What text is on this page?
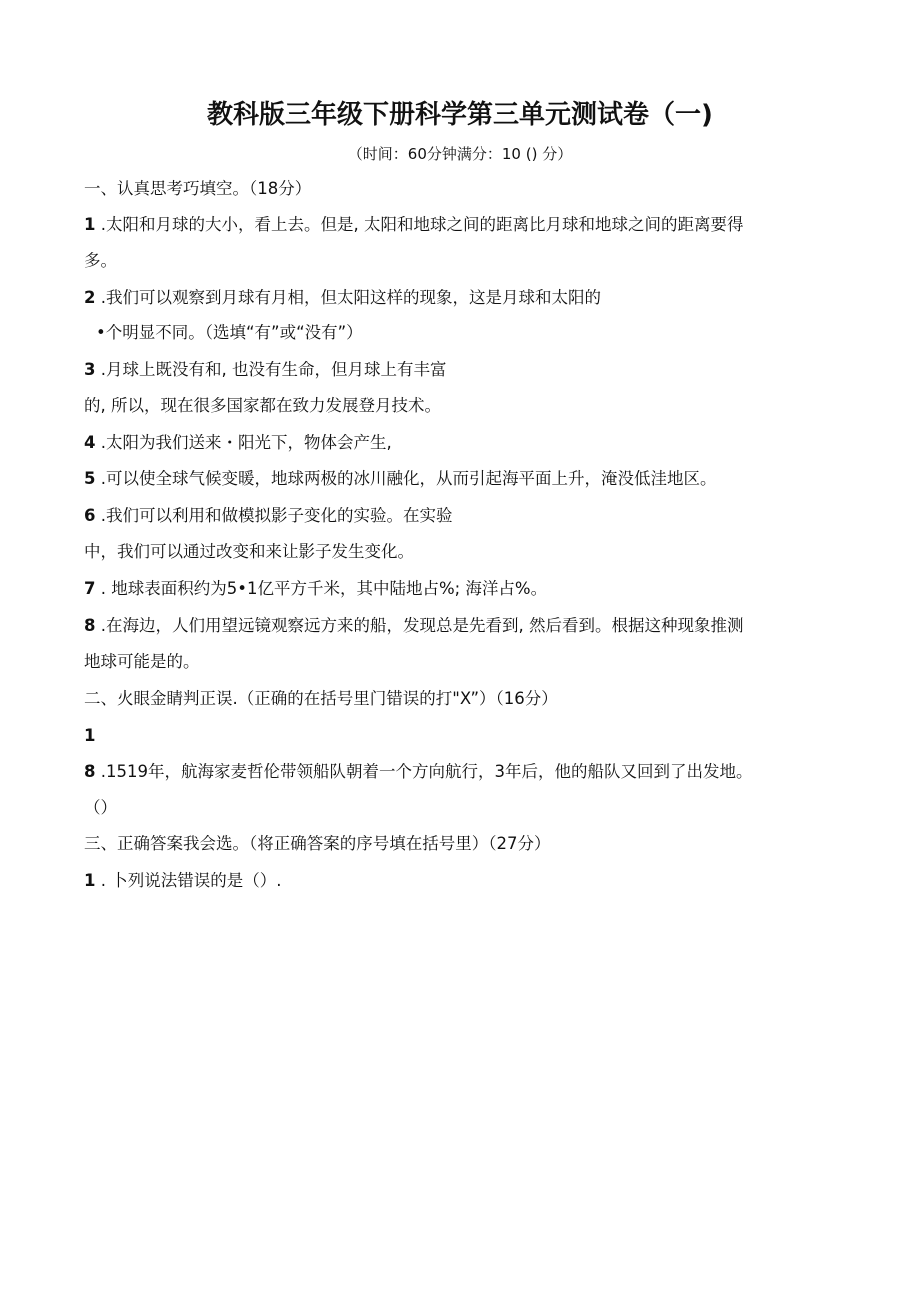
教科版三年级下册科学第三单元测试卷（一)
（时间：60分钟满分：10 () 分）
一、认真思考巧填空。（18分）
1 .太阳和月球的大小，看上去。但是, 太阳和地球之间的距离比月球和地球之间的距离要得
多。
2 .我们可以观察到月球有月相，但太阳这样的现象，这是月球和太阳的
•个明显不同。（选填“有”或“没有”）
3 .月球上既没有和, 也没有生命，但月球上有丰富
的, 所以，现在很多国家都在致力发展登月技术。
4 .太阳为我们送来・阳光下，物体会产生,
5 .可以使全球气候变暖，地球两极的冰川融化，从而引起海平面上升，淹没低洼地区。
6 .我们可以利用和做模拟影子变化的实验。在实验
中，我们可以通过改变和来让影子发生变化。
7 . 地球表面积约为5•1亿平方千米，其中陆地占%; 海洋占%。
8 .在海边，人们用望远镜观察远方来的船，发现总是先看到, 然后看到。根据这种现象推测
地球可能是的。
二、火眼金睛判正误.（正确的在括号里门错误的打"X”）（16分）
1
8 .1519年，航海家麦哲伦带领船队朝着一个方向航行，3年后，他的船队又回到了出发地。
（）
三、正确答案我会选。（将正确答案的序号填在括号里）（27分）
1 . 卜列说法错误的是（）.
